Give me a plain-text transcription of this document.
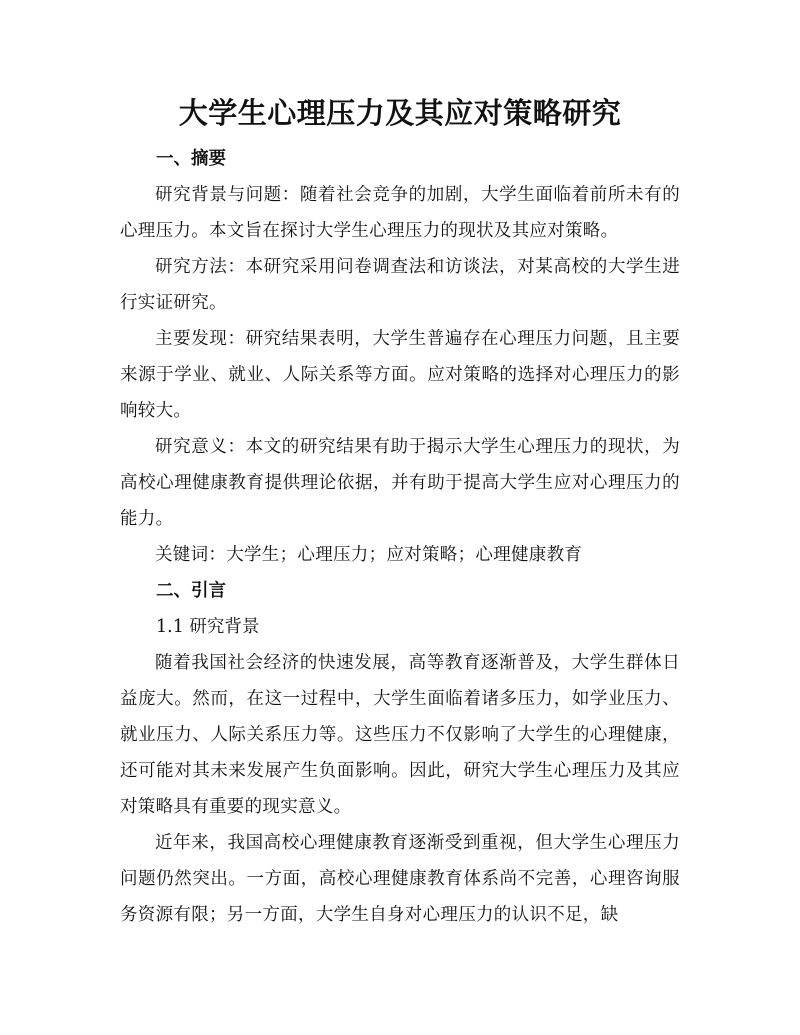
大学生心理压力及其应对策略研究

一、摘要

研究背景与问题：随着社会竞争的加剧，大学生面临着前所未有的心理压力。本文旨在探讨大学生心理压力的现状及其应对策略。

研究方法：本研究采用问卷调查法和访谈法，对某高校的大学生进行实证研究。

主要发现：研究结果表明，大学生普遍存在心理压力问题，且主要来源于学业、就业、人际关系等方面。应对策略的选择对心理压力的影响较大。

研究意义：本文的研究结果有助于揭示大学生心理压力的现状，为高校心理健康教育提供理论依据，并有助于提高大学生应对心理压力的能力。

关键词：大学生；心理压力；应对策略；心理健康教育

二、引言

1.1 研究背景

随着我国社会经济的快速发展，高等教育逐渐普及，大学生群体日益庞大。然而，在这一过程中，大学生面临着诸多压力，如学业压力、就业压力、人际关系压力等。这些压力不仅影响了大学生的心理健康，还可能对其未来发展产生负面影响。因此，研究大学生心理压力及其应对策略具有重要的现实意义。

近年来，我国高校心理健康教育逐渐受到重视，但大学生心理压力问题仍然突出。一方面，高校心理健康教育体系尚不完善，心理咨询服务资源有限；另一方面，大学生自身对心理压力的认识不足，缺
